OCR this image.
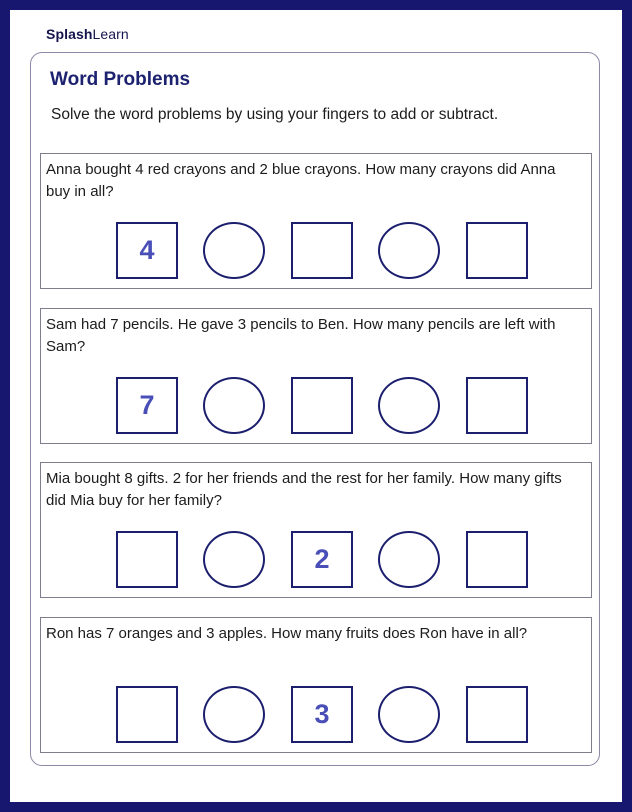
SplashLearn
Word Problems
Solve the word problems by using your fingers to add or subtract.
Anna bought 4 red crayons and 2 blue crayons. How many crayons did Anna buy in all?
4
Sam had 7 pencils. He gave 3 pencils to Ben. How many pencils are left with Sam?
7
Mia bought 8 gifts. 2 for her friends and the rest for her family. How many gifts did Mia buy for her family?
2
Ron has 7 oranges and 3 apples. How many fruits does Ron have in all?
3
